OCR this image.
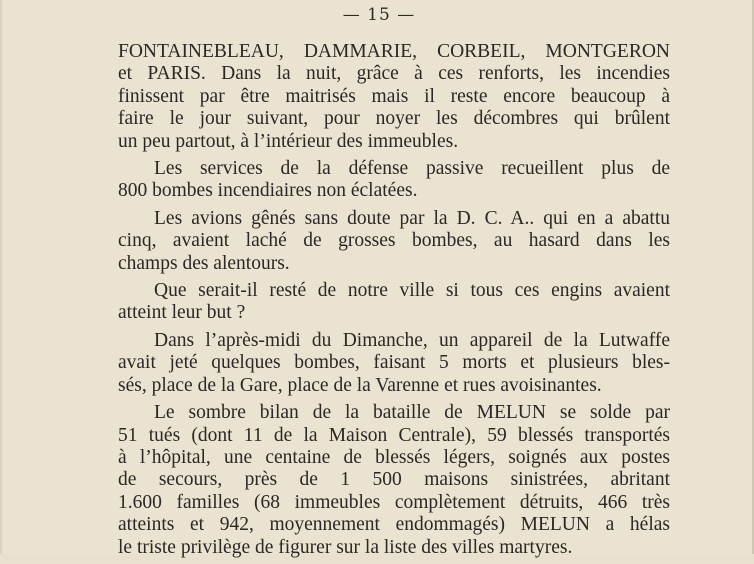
— 15 —
FONTAINEBLEAU, DAMMARIE, CORBEIL, MONTGERON
et PARIS. Dans la nuit, grâce à ces renforts, les incendies
finissent par être maitrisés mais il reste encore beaucoup à
faire le jour suivant, pour noyer les décombres qui brûlent
un peu partout, à l’intérieur des immeubles.
Les services de la défense passive recueillent plus de
800 bombes incendiaires non éclatées.
Les avions gênés sans doute par la D. C. A.. qui en a abattu
cinq, avaient laché de grosses bombes, au hasard dans les
champs des alentours.
Que serait-il resté de notre ville si tous ces engins avaient
atteint leur but ?
Dans l’après-midi du Dimanche, un appareil de la Lutwaffe
avait jeté quelques bombes, faisant 5 morts et plusieurs bles-
sés, place de la Gare, place de la Varenne et rues avoisinantes.
Le sombre bilan de la bataille de MELUN se solde par
51 tués (dont 11 de la Maison Centrale), 59 blessés transportés
à l’hôpital, une centaine de blessés légers, soignés aux postes
de secours, près de 1 500 maisons sinistrées, abritant
1.600 familles (68 immeubles complètement détruits, 466 très
atteints et 942, moyennement endommagés) MELUN a hélas
le triste privilège de figurer sur la liste des villes martyres.
